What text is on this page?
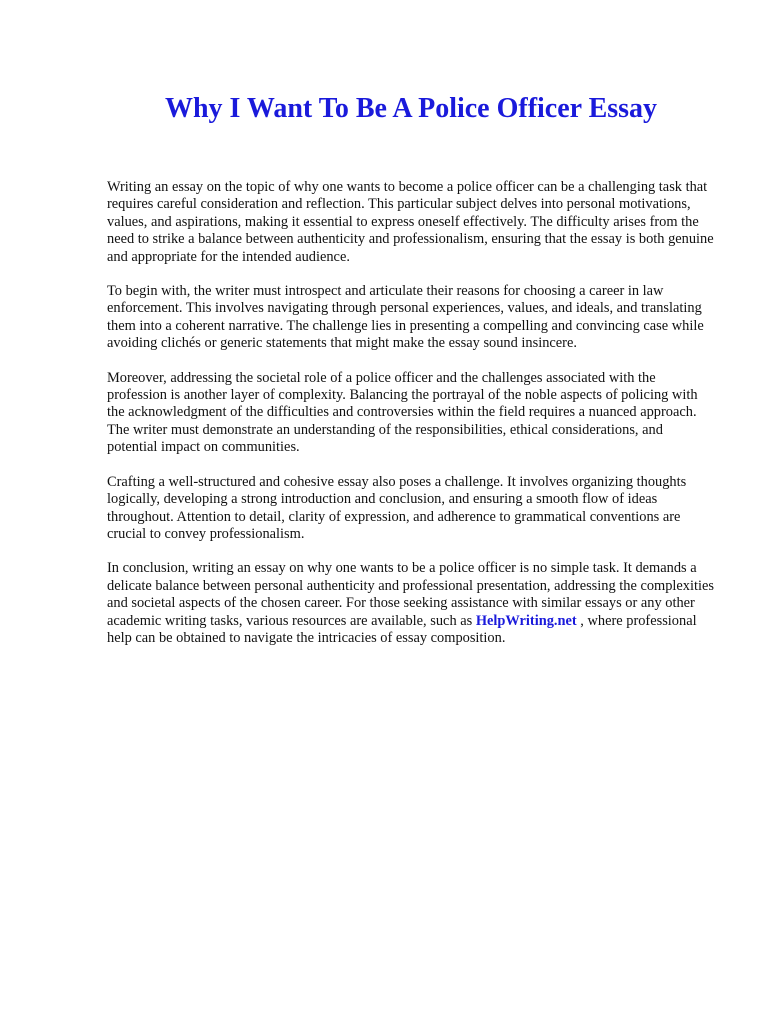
Why I Want To Be A Police Officer Essay

Writing an essay on the topic of why one wants to become a police officer can be a challenging task that requires careful consideration and reflection. This particular subject delves into personal motivations, values, and aspirations, making it essential to express oneself effectively. The difficulty arises from the need to strike a balance between authenticity and professionalism, ensuring that the essay is both genuine and appropriate for the intended audience.

To begin with, the writer must introspect and articulate their reasons for choosing a career in law enforcement. This involves navigating through personal experiences, values, and ideals, and translating them into a coherent narrative. The challenge lies in presenting a compelling and convincing case while avoiding clichés or generic statements that might make the essay sound insincere.

Moreover, addressing the societal role of a police officer and the challenges associated with the profession is another layer of complexity. Balancing the portrayal of the noble aspects of policing with the acknowledgment of the difficulties and controversies within the field requires a nuanced approach. The writer must demonstrate an understanding of the responsibilities, ethical considerations, and potential impact on communities.

Crafting a well-structured and cohesive essay also poses a challenge. It involves organizing thoughts logically, developing a strong introduction and conclusion, and ensuring a smooth flow of ideas throughout. Attention to detail, clarity of expression, and adherence to grammatical conventions are crucial to convey professionalism.

In conclusion, writing an essay on why one wants to be a police officer is no simple task. It demands a delicate balance between personal authenticity and professional presentation, addressing the complexities and societal aspects of the chosen career. For those seeking assistance with similar essays or any other academic writing tasks, various resources are available, such as HelpWriting.net , where professional help can be obtained to navigate the intricacies of essay composition.
